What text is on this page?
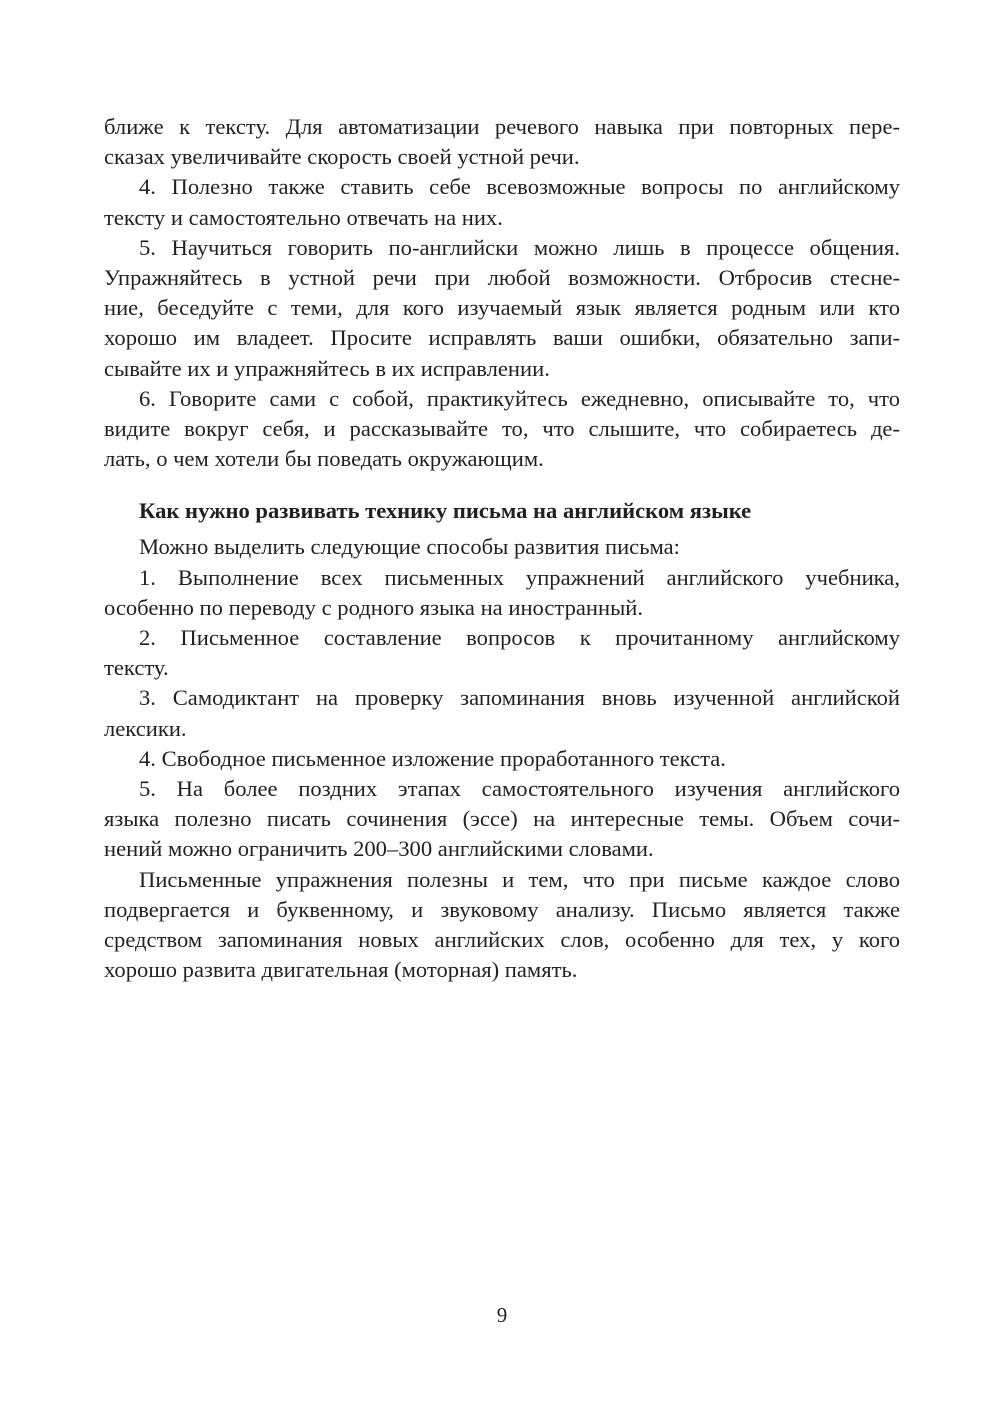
ближе к тексту. Для автоматизации речевого навыка при повторных пере-
сказах увеличивайте скорость своей устной речи.
4. Полезно также ставить себе всевозможные вопросы по английскому
тексту и самостоятельно отвечать на них.
5. Научиться говорить по-английски можно лишь в процессе общения.
Упражняйтесь в устной речи при любой возможности. Отбросив стесне-
ние, беседуйте с теми, для кого изучаемый язык является родным или кто
хорошо им владеет. Просите исправлять ваши ошибки, обязательно запи-
сывайте их и упражняйтесь в их исправлении.
6. Говорите сами с собой, практикуйтесь ежедневно, описывайте то, что
видите вокруг себя, и рассказывайте то, что слышите, что собираетесь де-
лать, о чем хотели бы поведать окружающим.
Как нужно развивать технику письма на английском языке
Можно выделить следующие способы развития письма:
1. Выполнение всех письменных упражнений английского учебника,
особенно по переводу с родного языка на иностранный.
2. Письменное составление вопросов к прочитанному английскому
тексту.
3. Самодиктант на проверку запоминания вновь изученной английской
лексики.
4. Свободное письменное изложение проработанного текста.
5. На более поздних этапах самостоятельного изучения английского
языка полезно писать сочинения (эссе) на интересные темы. Объем сочи-
нений можно ограничить 200–300 английскими словами.
Письменные упражнения полезны и тем, что при письме каждое слово
подвергается и буквенному, и звуковому анализу. Письмо является также
средством запоминания новых английских слов, особенно для тех, у кого
хорошо развита двигательная (моторная) память.
9
